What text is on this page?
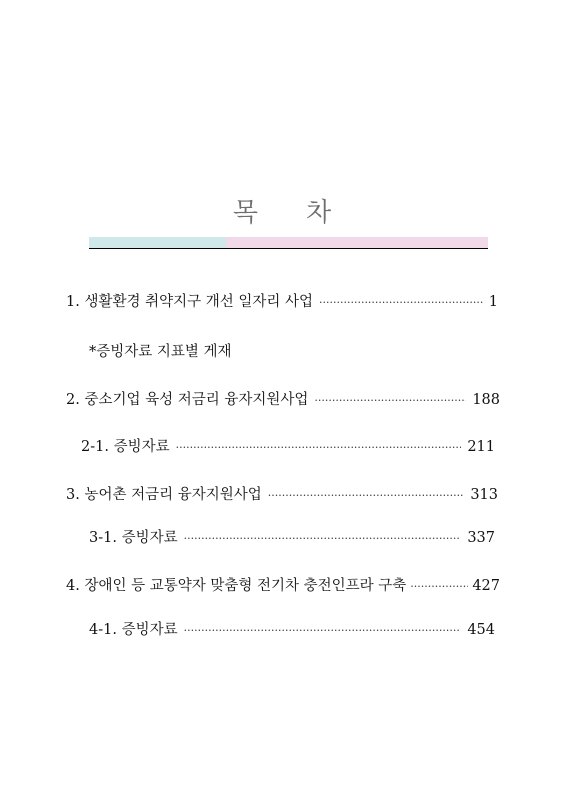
목 차
1. 생활환경 취약지구 개선 일자리 사업 ·····	1
*증빙자료 지표별 게재
2. 중소기업 육성 저금리 융자지원사업 ·····	188
2-1. 증빙자료 ·····	211
3. 농어촌 저금리 융자지원사업 ·····	313
3-1. 증빙자료 ·····	337
4. 장애인 등 교통약자 맞춤형 전기차 충전인프라 구축 ·····	427
4-1. 증빙자료 ·····	454
